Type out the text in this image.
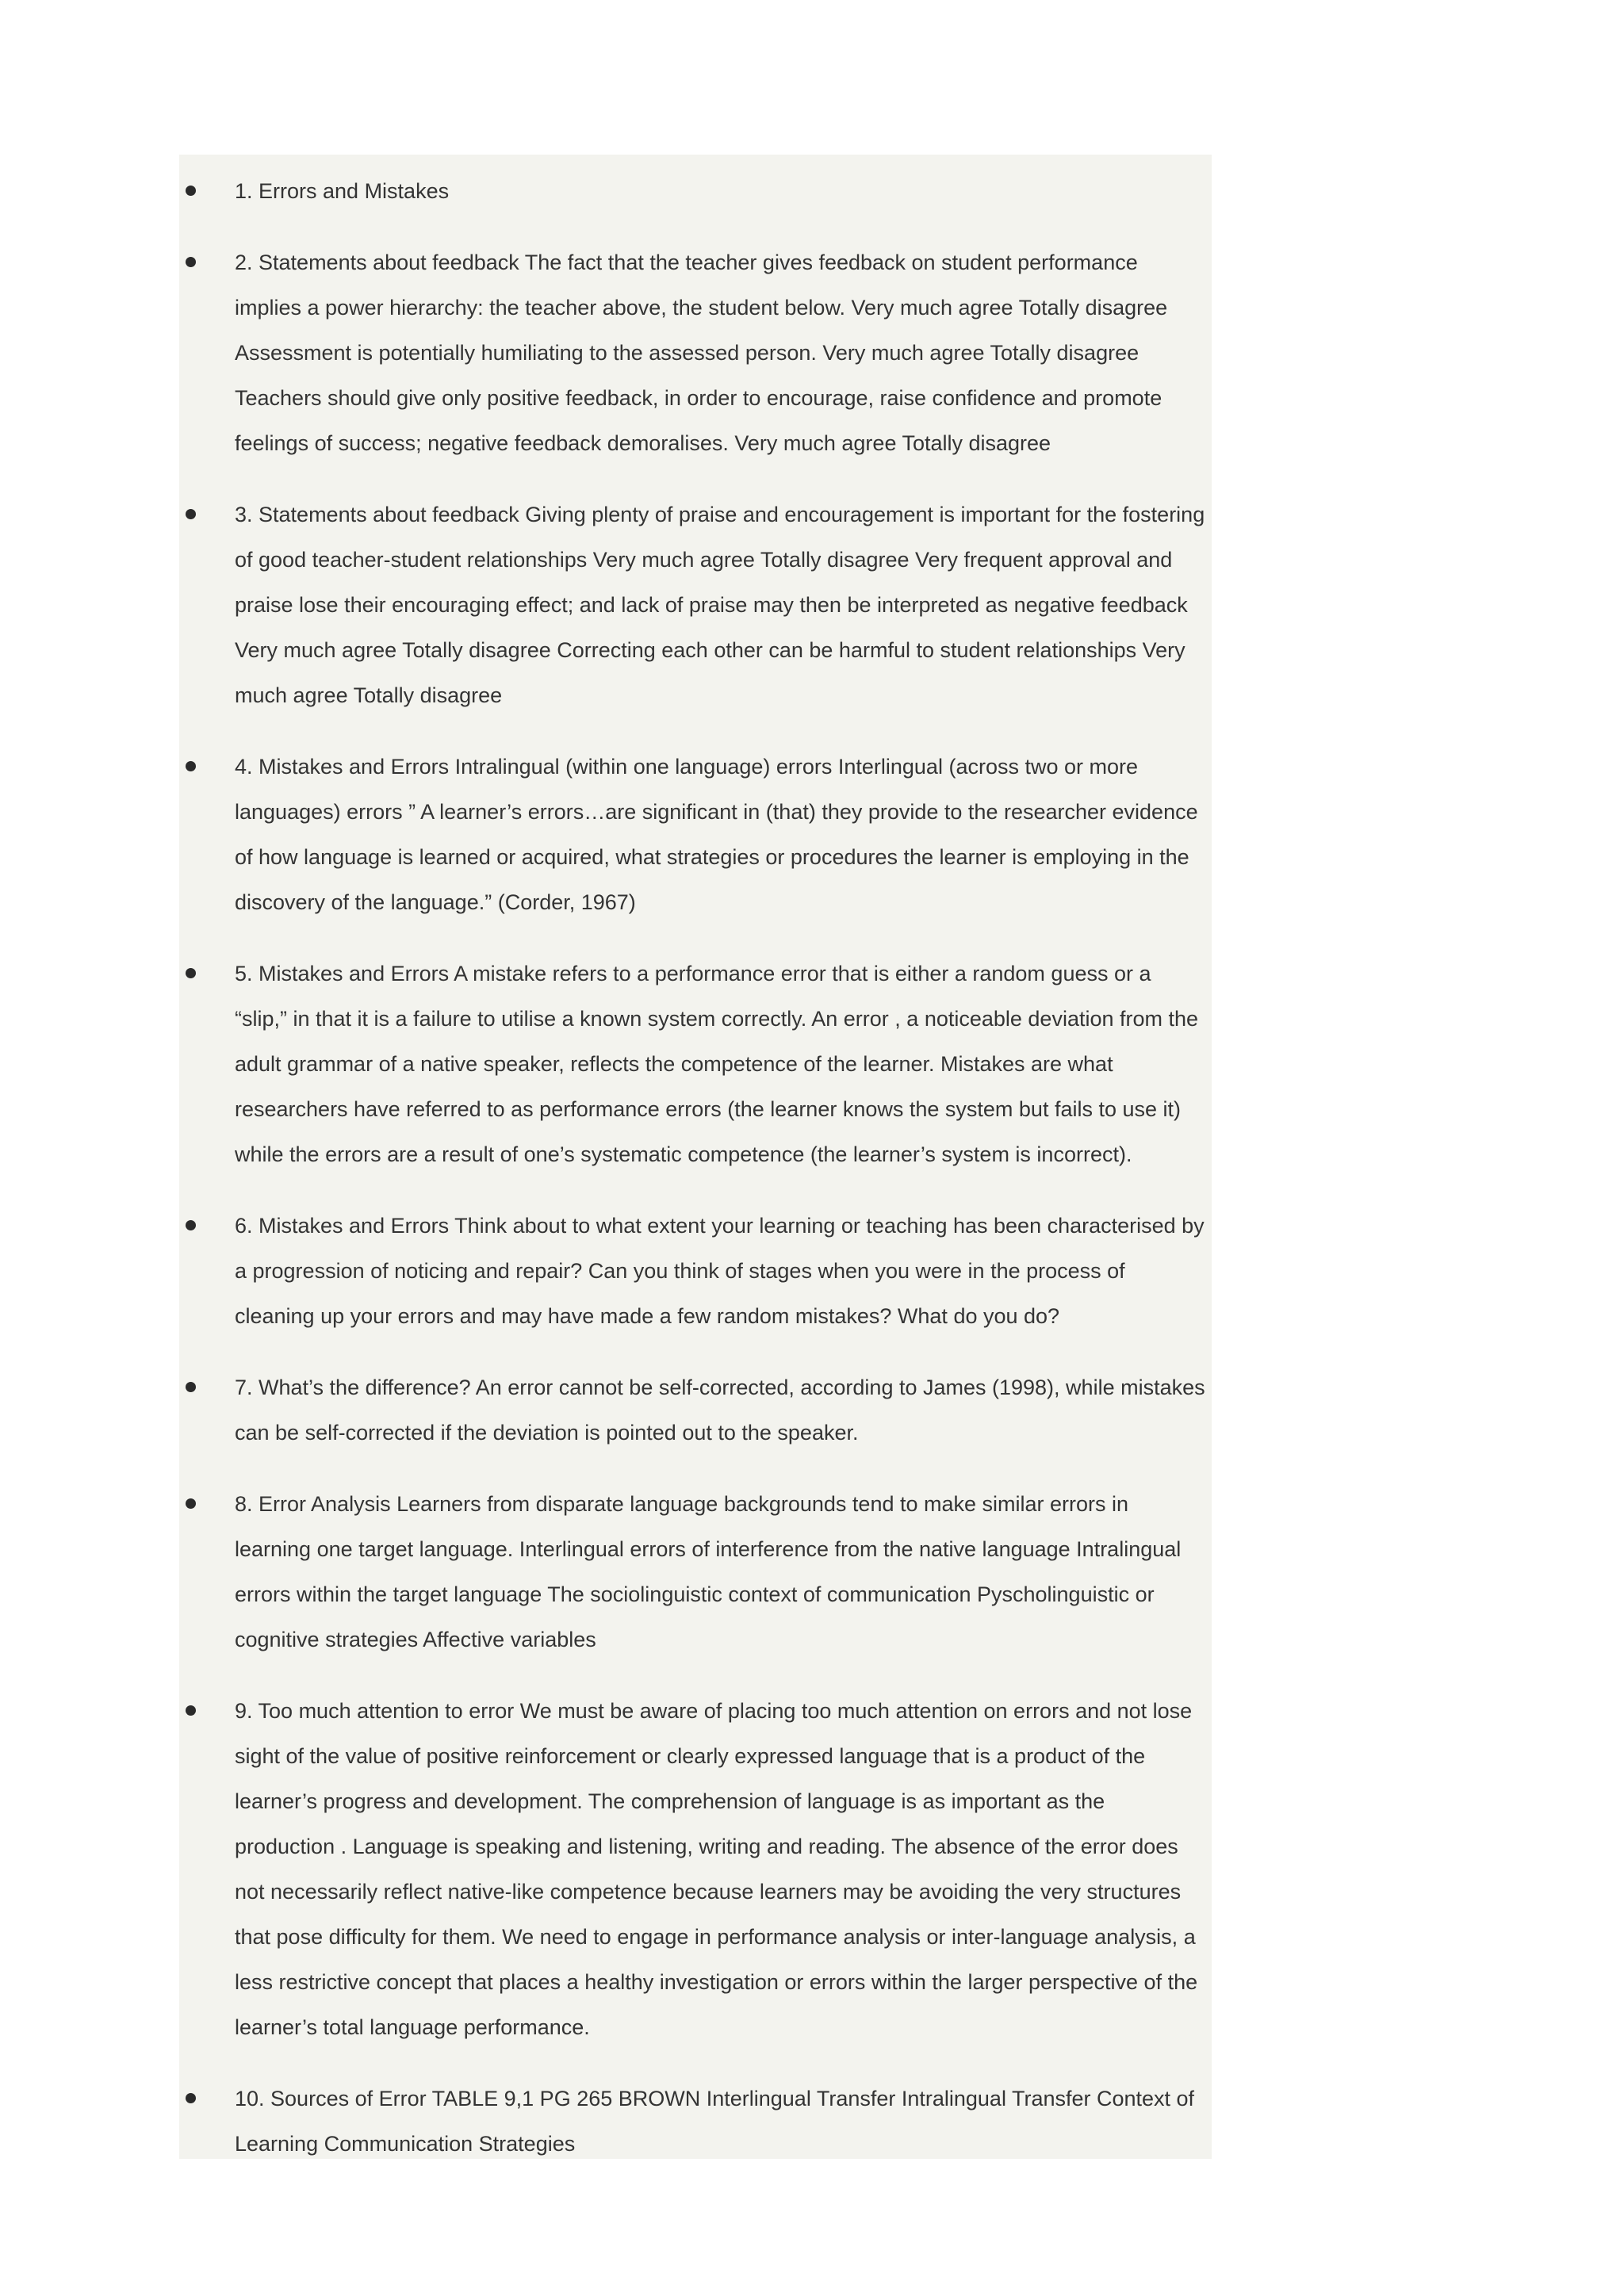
1. Errors and Mistakes
2. Statements about feedback The fact that the teacher gives feedback on student performance implies a power hierarchy: the teacher above, the student below. Very much agree Totally disagree Assessment is potentially humiliating to the assessed person. Very much agree Totally disagree Teachers should give only positive feedback, in order to encourage, raise confidence and promote feelings of success; negative feedback demoralises. Very much agree Totally disagree
3. Statements about feedback Giving plenty of praise and encouragement is important for the fostering of good teacher-student relationships Very much agree Totally disagree Very frequent approval and praise lose their encouraging effect; and lack of praise may then be interpreted as negative feedback Very much agree Totally disagree Correcting each other can be harmful to student relationships Very much agree Totally disagree
4. Mistakes and Errors Intralingual (within one language) errors Interlingual (across two or more languages) errors ” A learner’s errors…are significant in (that) they provide to the researcher evidence of how language is learned or acquired, what strategies or procedures the learner is employing in the discovery of the language.” (Corder, 1967)
5. Mistakes and Errors A mistake refers to a performance error that is either a random guess or a “slip,” in that it is a failure to utilise a known system correctly. An error , a noticeable deviation from the adult grammar of a native speaker, reflects the competence of the learner. Mistakes are what researchers have referred to as performance errors (the learner knows the system but fails to use it) while the errors are a result of one’s systematic competence (the learner’s system is incorrect).
6. Mistakes and Errors Think about to what extent your learning or teaching has been characterised by a progression of noticing and repair? Can you think of stages when you were in the process of cleaning up your errors and may have made a few random mistakes? What do you do?
7. What’s the difference? An error cannot be self-corrected, according to James (1998), while mistakes can be self-corrected if the deviation is pointed out to the speaker.
8. Error Analysis Learners from disparate language backgrounds tend to make similar errors in learning one target language. Interlingual errors of interference from the native language Intralingual errors within the target language The sociolinguistic context of communication Pyscholinguistic or cognitive strategies Affective variables
9. Too much attention to error We must be aware of placing too much attention on errors and not lose sight of the value of positive reinforcement or clearly expressed language that is a product of the learner’s progress and development. The comprehension of language is as important as the production . Language is speaking and listening, writing and reading. The absence of the error does not necessarily reflect native-like competence because learners may be avoiding the very structures that pose difficulty for them. We need to engage in performance analysis or inter-language analysis, a less restrictive concept that places a healthy investigation or errors within the larger perspective of the learner’s total language performance.
10. Sources of Error TABLE 9,1 PG 265 BROWN Interlingual Transfer Intralingual Transfer Context of Learning Communication Strategies
